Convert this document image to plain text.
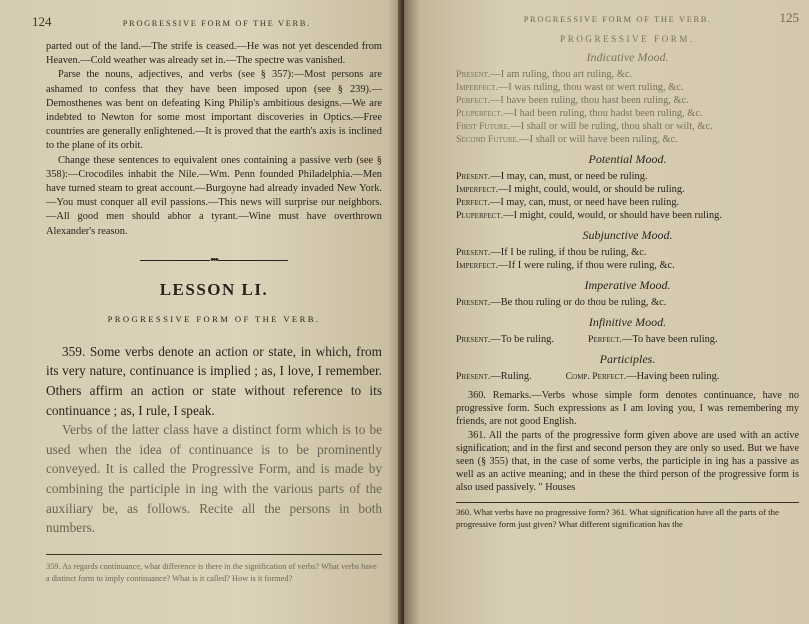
124	PROGRESSIVE FORM OF THE VERB.

parted out of the land.—The strife is ceased.—He was not yet descended from Heaven.—Cold weather was already set in.—The spectre was vanished.

Parse the nouns, adjectives, and verbs (see § 357):—Most persons are ashamed to confess that they have been imposed upon (see § 239).—Demosthenes was bent on defeating King Philip's ambitious designs.—We are indebted to Newton for some most important discoveries in Optics.—Free countries are generally enlightened.—It is proved that the earth's axis is inclined to the plane of its orbit.

Change these sentences to equivalent ones containing a passive verb (see § 358):—Crocodiles inhabit the Nile.—Wm. Penn founded Philadelphia.—Men have turned steam to great account.—Burgoyne had already invaded New York.—You must conquer all evil passions.—This news will surprise our neighbors.—All good men should abhor a tyrant.—Wine must have overthrown Alexander's reason.

•••
LESSON LI.
PROGRESSIVE FORM OF THE VERB.

359. Some verbs denote an action or state, in which, from its very nature, continuance is implied ; as, I love, I remember. Others affirm an action or state without reference to its continuance ; as, I rule, I speak.

Verbs of the latter class have a distinct form which is to be used when the idea of continuance is to be prominently conveyed. It is called the Progressive Form, and is made by combining the participle in ing with the various parts of the auxiliary be, as follows. Recite all the persons in both numbers.

359. As regards continuance, what difference is there in the signification of verbs? What verbs have a distinct form to imply continuance? What is it called? How is it formed?
PROGRESSIVE FORM OF THE VERB.	125
PROGRESSIVE FORM.
Indicative Mood.
Present.—I am ruling, thou art ruling, &c.
Imperfect.—I was ruling, thou wast or wert ruling, &c.
Perfect.—I have been ruling, thou hast been ruling, &c.
Pluperfect.—I had been ruling, thou hadst been ruling, &c.
First Future.—I shall or will be ruling, thou shalt or wilt, &c.
Second Future.—I shall or will have been ruling, &c.
Potential Mood.
Present.—I may, can, must, or need be ruling.
Imperfect.—I might, could, would, or should be ruling.
Perfect.—I may, can, must, or need have been ruling.
Pluperfect.—I might, could, would, or should have been ruling.
Subjunctive Mood.
Present.—If I be ruling, if thou be ruling, &c.
Imperfect.—If I were ruling, if thou were ruling, &c.
Imperative Mood.
Present.—Be thou ruling or do thou be ruling, &c.
Infinitive Mood.
Present.—To be ruling.	Perfect.—To have been ruling.
Participles.
Present.—Ruling.	Comp. Perfect.—Having been ruling.

360. Remarks.—Verbs whose simple form denotes continuance, have no progressive form. Such expressions as I am loving you, I was remembering my friends, are not good English.

361. All the parts of the progressive form given above are used with an active signification; and in the first and second person they are only so used. But we have seen (§ 355) that, in the case of some verbs, the participle in ing has a passive as well as an active meaning; and in these the third person of the progressive form is also used passively. " Houses

360. What verbs have no progressive form? 361. What signification have all the parts of the progressive form just given? What different signification has the
